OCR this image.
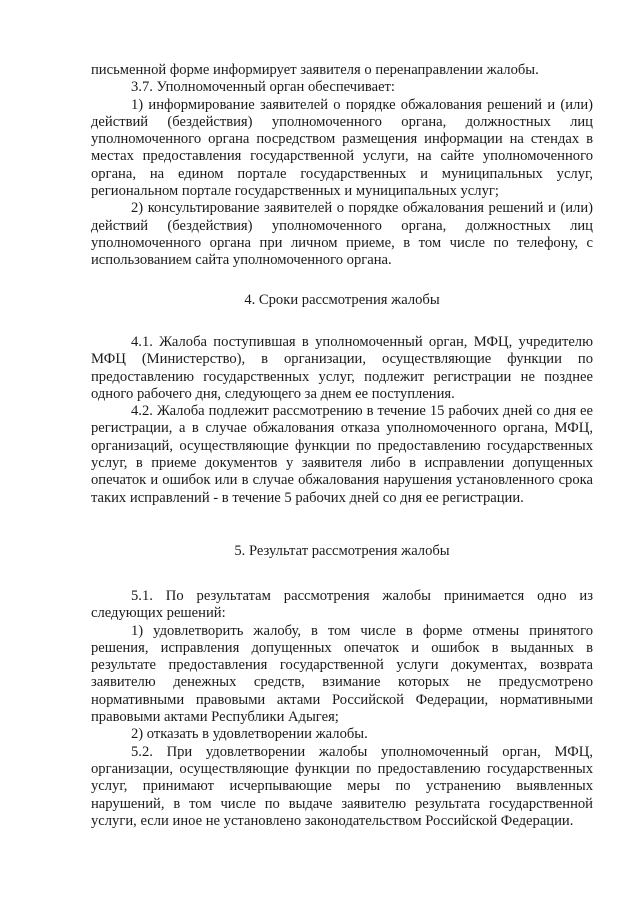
письменной форме информирует заявителя о перенаправлении жалобы.

3.7. Уполномоченный орган обеспечивает:

1) информирование заявителей о порядке обжалования решений и (или) действий (бездействия) уполномоченного органа, должностных лиц уполномоченного органа посредством размещения информации на стендах в местах предоставления государственной услуги, на сайте уполномоченного органа, на едином портале государственных и муниципальных услуг, региональном портале государственных и муниципальных услуг;

2) консультирование заявителей о порядке обжалования решений и (или) действий (бездействия) уполномоченного органа, должностных лиц уполномоченного органа при личном приеме, в том числе по телефону, с использованием сайта уполномоченного органа.

4. Сроки рассмотрения жалобы

4.1. Жалоба поступившая в уполномоченный орган, МФЦ, учредителю МФЦ (Министерство), в организации, осуществляющие функции по предоставлению государственных услуг, подлежит регистрации не позднее одного рабочего дня, следующего за днем ее поступления.

4.2. Жалоба подлежит рассмотрению в течение 15 рабочих дней со дня ее регистрации, а в случае обжалования отказа уполномоченного органа, МФЦ, организаций, осуществляющие функции по предоставлению государственных услуг, в приеме документов у заявителя либо в исправлении допущенных опечаток и ошибок или в случае обжалования нарушения установленного срока таких исправлений - в течение 5 рабочих дней со дня ее регистрации.

5. Результат рассмотрения жалобы

5.1. По результатам рассмотрения жалобы принимается одно из следующих решений:

1) удовлетворить жалобу, в том числе в форме отмены принятого решения, исправления допущенных опечаток и ошибок в выданных в результате предоставления государственной услуги документах, возврата заявителю денежных средств, взимание которых не предусмотрено нормативными правовыми актами Российской Федерации, нормативными правовыми актами Республики Адыгея;

2) отказать в удовлетворении жалобы.

5.2. При удовлетворении жалобы уполномоченный орган, МФЦ, организации, осуществляющие функции по предоставлению государственных услуг, принимают исчерпывающие меры по устранению выявленных нарушений, в том числе по выдаче заявителю результата государственной услуги, если иное не установлено законодательством Российской Федерации.
